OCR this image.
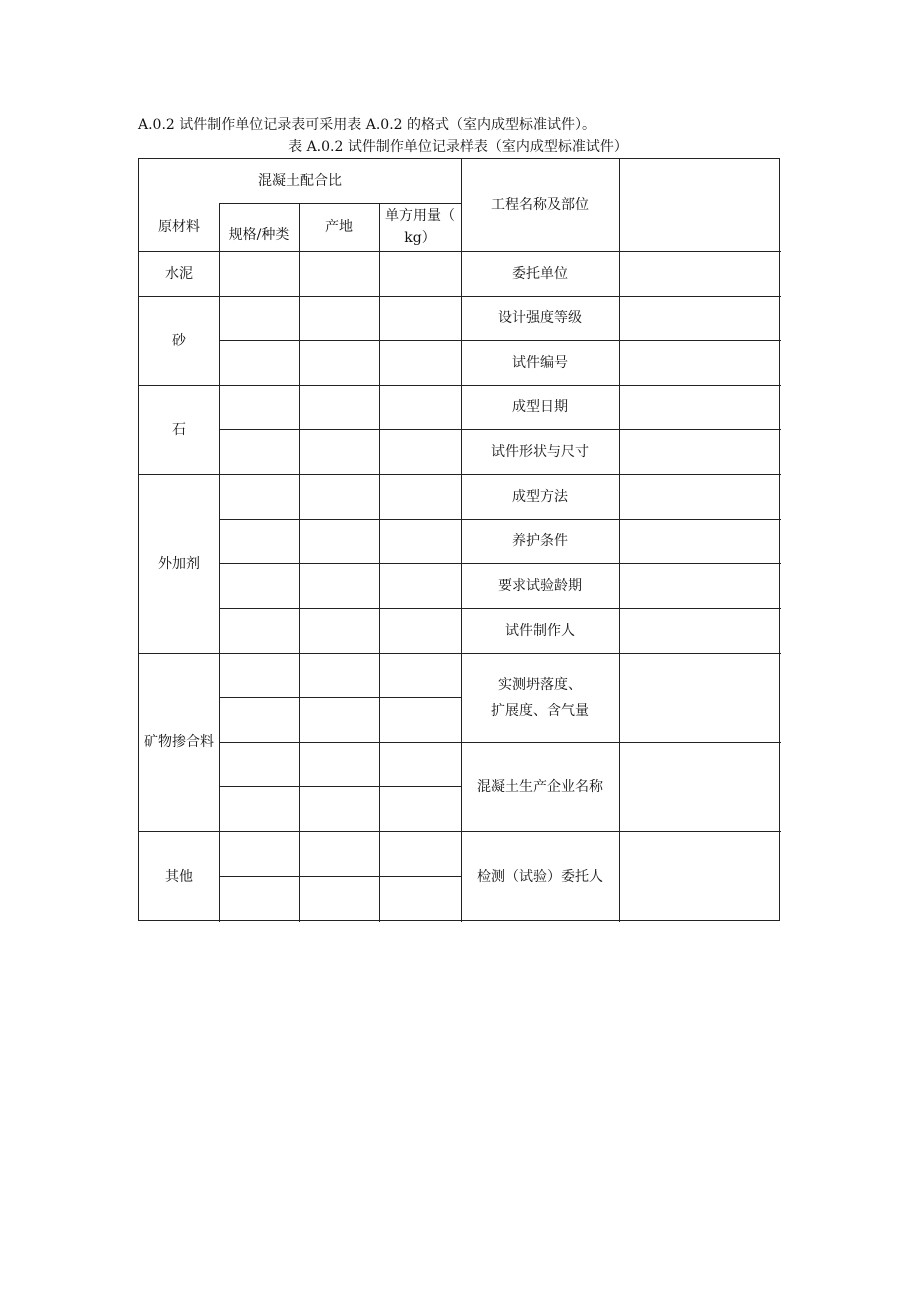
A.0.2 试件制作单位记录表可采用表 A.0.2 的格式（室内成型标准试件）。
表 A.0.2 试件制作单位记录样表（室内成型标准试件）
混凝土配合比
原材料	规格/种类	产地
单方用量（
kg）
水泥
砂
石
外加剂
矿物掺合料
其他
工程名称及部位
委托单位
设计强度等级
试件编号
成型日期
试件形状与尺寸
成型方法
养护条件
要求试验龄期
试件制作人
实测坍落度、
扩展度、含气量
混凝土生产企业名称
检测（试验）委托人
